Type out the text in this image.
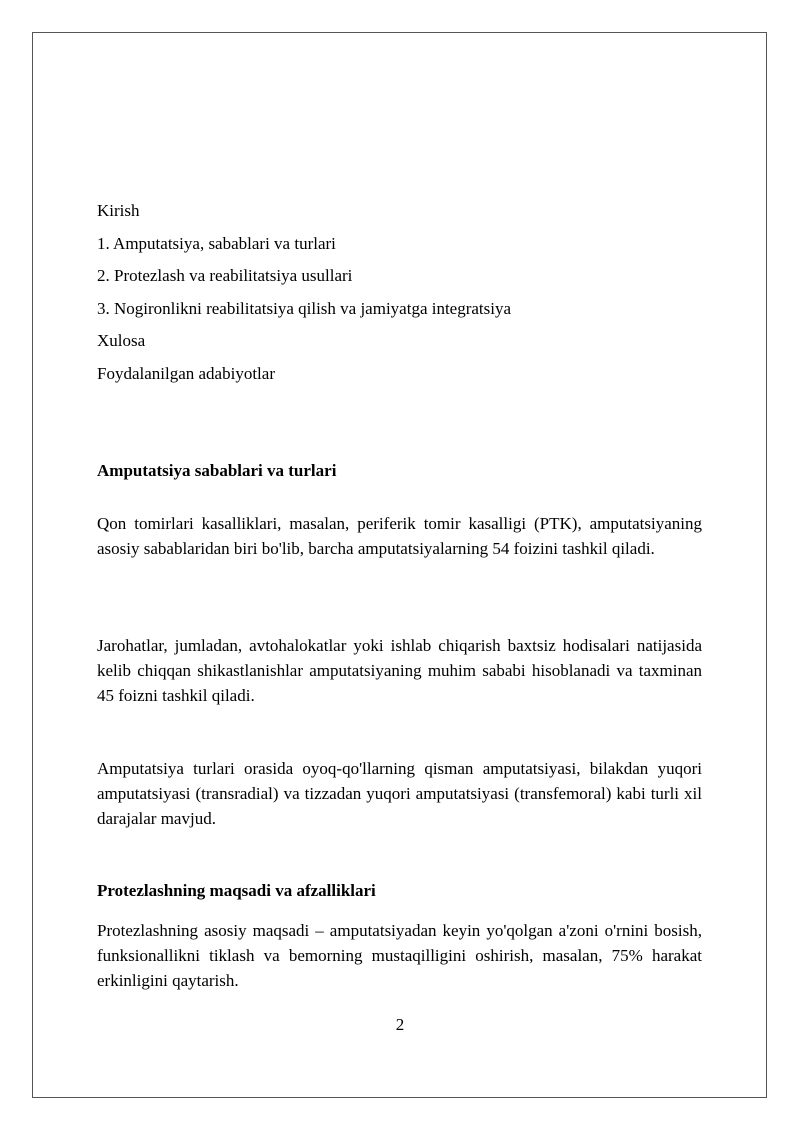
Kirish

1. Amputatsiya, sabablari va turlari

2. Protezlash va reabilitatsiya usullari

3. Nogironlikni reabilitatsiya qilish va jamiyatga integratsiya

Xulosa

Foydalanilgan adabiyotlar

Amputatsiya sabablari va turlari

Qon tomirlari kasalliklari, masalan, periferik tomir kasalligi (PTK), amputatsiyaning asosiy sabablaridan biri bo'lib, barcha amputatsiyalarning 54 foizini tashkil qiladi.

Jarohatlar, jumladan, avtohalokatlar yoki ishlab chiqarish baxtsiz hodisalari natijasida kelib chiqqan shikastlanishlar amputatsiyaning muhim sababi hisoblanadi va taxminan 45 foizni tashkil qiladi.

Amputatsiya turlari orasida oyoq-qo'llarning qisman amputatsiyasi, bilakdan yuqori amputatsiyasi (transradial) va tizzadan yuqori amputatsiyasi (transfemoral) kabi turli xil darajalar mavjud.

Protezlashning maqsadi va afzalliklari

Protezlashning asosiy maqsadi – amputatsiyadan keyin yo'qolgan a'zoni o'rnini bosish, funksionallikni tiklash va bemorning mustaqilligini oshirish, masalan, 75% harakat erkinligini qaytarish.

2
